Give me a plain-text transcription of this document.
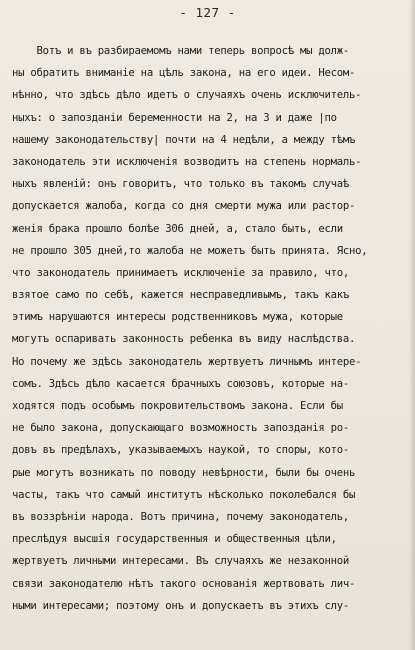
- 127 -
Вотъ и въ разбираемомъ нами теперь вопросѣ мы долж-
ны обратить вниманіе на цѣль закона, на его идеи. Несом-
нѣнно, что здѣсь дѣло идетъ о случаяхъ очень исключитель-
ныхъ: о запозданіи беременности на 2, на 3 и даже |по
нашему законодательству| почти на 4 недѣли, а между тѣмъ
законодатель эти исключенія возводитъ на степень нормаль-
ныхъ явленій: онъ говоритъ, что только въ такомъ случаѣ
допускается жалоба, когда со дня смерти мужа или растор-
женія брака прошло болѣе 306 дней, а, стало быть, если
не прошло 305 дней,то жалоба не можетъ быть принята. Ясно,
что законодатель принимаетъ исключеніе за правило, что,
взятое само по себѣ, кажется несправедливымъ, такъ какъ
этимъ нарушаются интересы родственниковъ мужа, которые
могутъ оспаривать законность ребенка въ виду наслѣдства.
Но почему же здѣсь законодатель жертвуетъ личнымъ интере-
сомъ. Здѣсь дѣло касается брачныхъ союзовъ, которые на-
ходятся подъ особымъ покровительствомъ закона. Если бы
не было закона, допускающаго возможность запозданія ро-
довъ въ предѣлахъ, указываемыхъ наукой, то споры, кото-
рые могутъ возникать по поводу невѣрности, были бы очень
часты, такъ что самый институтъ нѣсколько поколебался бы
въ воззрѣніи народа. Вотъ причина, почему законодатель,
преслѣдуя высшія государственныя и общественныя цѣли,
жертвуетъ личными интересами. Въ случаяхъ же незаконной
связи законодателю нѣтъ такого основанія жертвовать лич-
ными интересами; поэтому онъ и допускаетъ въ этихъ слу-
